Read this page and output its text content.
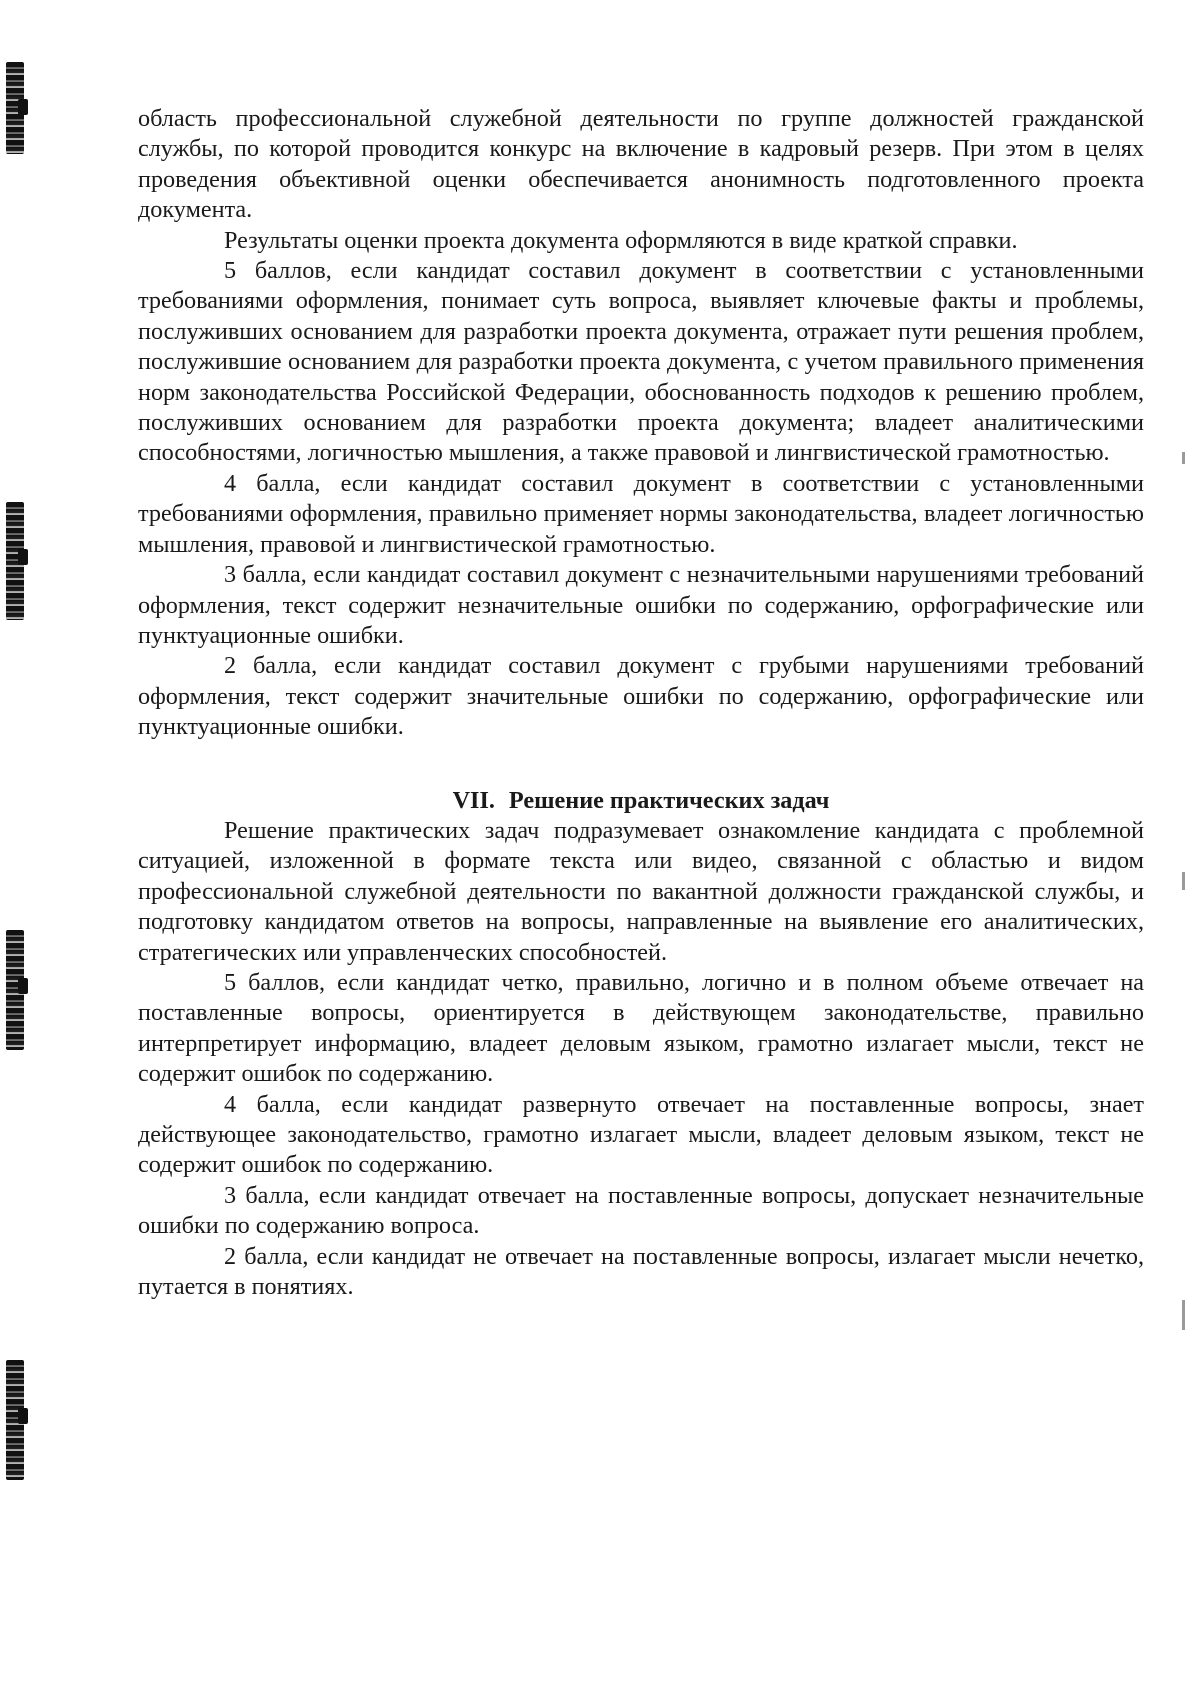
область профессиональной служебной деятельности по группе должностей гражданской службы, по которой проводится конкурс на включение в кадровый резерв. При этом в целях проведения объективной оценки обеспечивается анонимность подготовленного проекта документа.

Результаты оценки проекта документа оформляются в виде краткой справки.

5 баллов, если кандидат составил документ в соответствии с установленными требованиями оформления, понимает суть вопроса, выявляет ключевые факты и проблемы, послуживших основанием для разработки проекта документа, отражает пути решения проблем, послужившие основанием для разработки проекта документа, с учетом правильного применения норм законодательства Российской Федерации, обоснованность подходов к решению проблем, послуживших основанием для разработки проекта документа; владеет аналитическими способностями, логичностью мышления, а также правовой и лингвистической грамотностью.

4 балла, если кандидат составил документ в соответствии с установленными требованиями оформления, правильно применяет нормы законодательства, владеет логичностью мышления, правовой и лингвистической грамотностью.

3 балла, если кандидат составил документ с незначительными нарушениями требований оформления, текст содержит незначительные ошибки по содержанию, орфографические или пунктуационные ошибки.

2 балла, если кандидат составил документ с грубыми нарушениями требований оформления, текст содержит значительные ошибки по содержанию, орфографические или пунктуационные ошибки.

VII. Решение практических задач

Решение практических задач подразумевает ознакомление кандидата с проблемной ситуацией, изложенной в формате текста или видео, связанной с областью и видом профессиональной служебной деятельности по вакантной должности гражданской службы, и подготовку кандидатом ответов на вопросы, направленные на выявление его аналитических, стратегических или управленческих способностей.

5 баллов, если кандидат четко, правильно, логично и в полном объеме отвечает на поставленные вопросы, ориентируется в действующем законодательстве, правильно интерпретирует информацию, владеет деловым языком, грамотно излагает мысли, текст не содержит ошибок по содержанию.

4 балла, если кандидат развернуто отвечает на поставленные вопросы, знает действующее законодательство, грамотно излагает мысли, владеет деловым языком, текст не содержит ошибок по содержанию.

3 балла, если кандидат отвечает на поставленные вопросы, допускает незначительные ошибки по содержанию вопроса.

2 балла, если кандидат не отвечает на поставленные вопросы, излагает мысли нечетко, путается в понятиях.
